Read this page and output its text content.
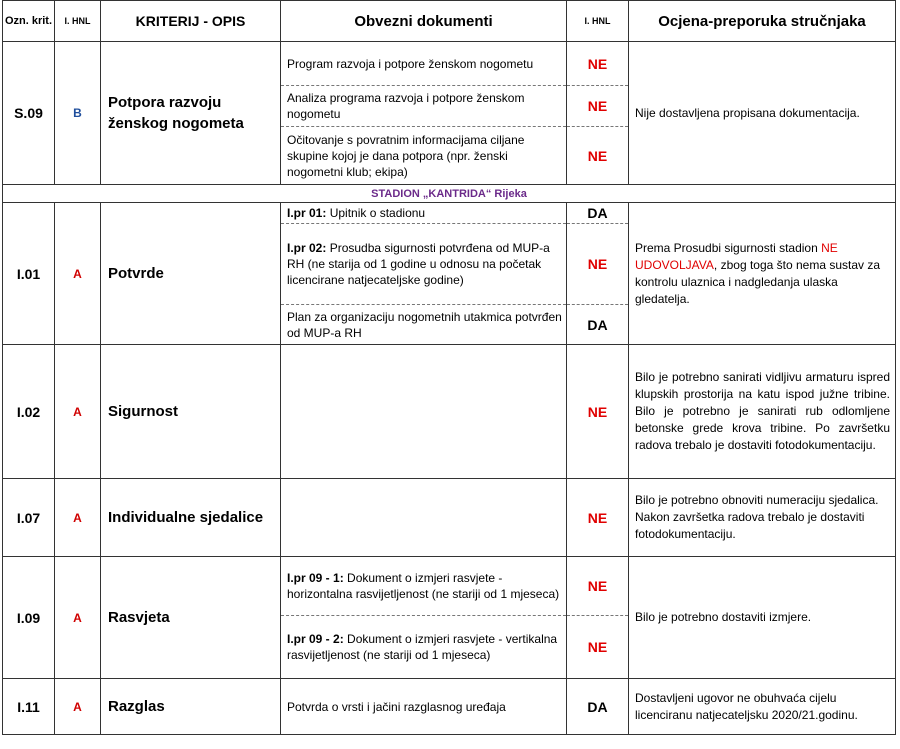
Ozn. krit.	I. HNL	KRITERIJ - OPIS	Obvezni dokumenti	I. HNL	Ocjena-preporuka stručnjaka
S.09	B	Potpora razvoju ženskog nogometa	Program razvoja i potpore ženskom nogometu	NE	Nije dostavljena propisana dokumentacija.
			Analiza programa razvoja i potpore ženskom nogometu	NE	
			Očitovanje s povratnim informacijama ciljane skupine kojoj je dana potpora (npr. ženski nogometni klub; ekipa)	NE	
STADION „KANTRIDA“ Rijeka					
I.01	A	Potvrde	I.pr 01: Upitnik o stadionu	DA	Prema Prosudbi sigurnosti stadion NE UDOVOLJAVA, zbog toga što nema sustav za kontrolu ulaznica i nadgledanja ulaska gledatelja.
			I.pr 02: Prosudba sigurnosti potvrđena od MUP-a RH (ne starija od 1 godine u odnosu na početak licencirane natjecateljske godine)	NE	
			Plan za organizaciju nogometnih utakmica potvrđen od MUP-a RH	DA	
I.02	A	Sigurnost		NE	Bilo je potrebno sanirati vidljivu armaturu ispred klupskih prostorija na katu ispod južne tribine. Bilo je potrebno je sanirati rub odlomljene betonske grede krova tribine. Po završetku radova trebalo je dostaviti fotodokumentaciju.
I.07	A	Individualne sjedalice		NE	Bilo je potrebno obnoviti numeraciju sjedalica. Nakon završetka radova trebalo je dostaviti fotodokumentaciju.
I.09	A	Rasvjeta	I.pr 09 - 1: Dokument o izmjeri rasvjete - horizontalna rasvijetljenost (ne stariji od 1 mjeseca)	NE	Bilo je potrebno dostaviti izmjere.
			I.pr 09 - 2: Dokument o izmjeri rasvjete - vertikalna rasvijetljenost (ne stariji od 1 mjeseca)	NE	
I.11	A	Razglas	Potvrda o vrsti i jačini razglasnog uređaja	DA	Dostavljeni ugovor ne obuhvaća cijelu licenciranu natjecateljsku 2020/21.godinu.
